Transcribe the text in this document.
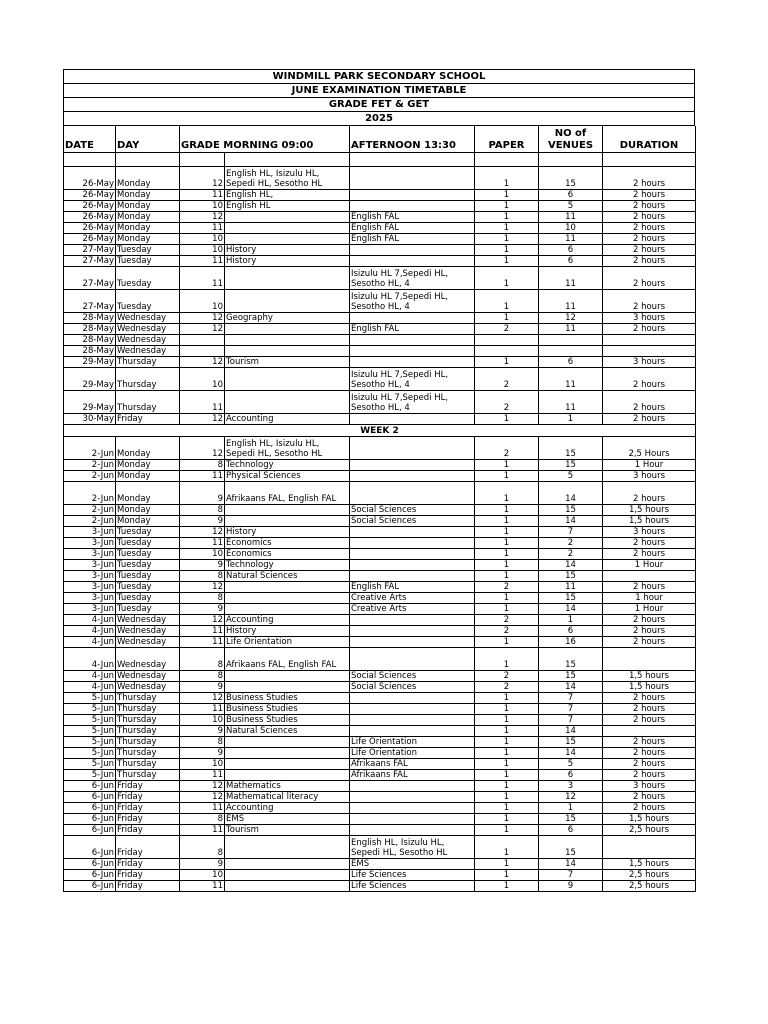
WINDMILL PARK SECONDARY SCHOOL
JUNE EXAMINATION TIMETABLE
GRADE FET & GET
2025
DATE	DAY	GRADE MORNING 09:00		AFTERNOON 13:30	PAPER	NO of VENUES	DURATION

26-May	Monday	12	English HL, Isizulu HL, Sepedi HL, Sesotho HL		1	15	2 hours
26-May	Monday	11	English HL,		1	6	2 hours
26-May	Monday	10	English HL		1	5	2 hours
26-May	Monday	12		English FAL	1	11	2 hours
26-May	Monday	11		English FAL	1	10	2 hours
26-May	Monday	10		English FAL	1	11	2 hours
27-May	Tuesday	10	History		1	6	2 hours
27-May	Tuesday	11	History		1	6	2 hours
27-May	Tuesday	11		Isizulu HL 7,Sepedi HL, Sesotho HL, 4	1	11	2 hours
27-May	Tuesday	10		Isizulu HL 7,Sepedi HL, Sesotho HL, 4	1	11	2 hours
28-May	Wednesday	12	Geography		1	12	3 hours
28-May	Wednesday	12		English FAL	2	11	2 hours
28-May	Wednesday						
28-May	Wednesday						
29-May	Thursday	12	Tourism		1	6	3 hours
29-May	Thursday	10		Isizulu HL 7,Sepedi HL, Sesotho HL, 4	2	11	2 hours
29-May	Thursday	11		Isizulu HL 7,Sepedi HL, Sesotho HL, 4	2	11	2 hours
30-May	Friday	12	Accounting		1	1	2 hours
WEEK 2							
2-Jun	Monday	12	English HL, Isizulu HL, Sepedi HL, Sesotho HL		2	15	2,5 Hours
2-Jun	Monday	8	Technology		1	15	1 Hour
2-Jun	Monday	11	Physical Sciences		1	5	3 hours
2-Jun	Monday	9	Afrikaans FAL, English FAL		1	14	2 hours
2-Jun	Monday	8		Social Sciences	1	15	1,5 hours
2-Jun	Monday	9		Social Sciences	1	14	1,5 hours
3-Jun	Tuesday	12	History		1	7	3 hours
3-Jun	Tuesday	11	Economics		1	2	2 hours
3-Jun	Tuesday	10	Economics		1	2	2 hours
3-Jun	Tuesday	9	Technology		1	14	1 Hour
3-Jun	Tuesday	8	Natural Sciences		1	15	
3-Jun	Tuesday	12		English FAL	2	11	2 hours
3-Jun	Tuesday	8		Creative Arts	1	15	1 hour
3-Jun	Tuesday	9		Creative Arts	1	14	1 Hour
4-Jun	Wednesday	12	Accounting		2	1	2 hours
4-Jun	Wednesday	11	History		2	6	2 hours
4-Jun	Wednesday	11	Life Orientation		1	16	2 hours
4-Jun	Wednesday	8	Afrikaans FAL, English FAL		1	15	
4-Jun	Wednesday	8		Social Sciences	2	15	1,5 hours
4-Jun	Wednesday	9		Social Sciences	2	14	1,5 hours
5-Jun	Thursday	12	Business Studies		1	7	2 hours
5-Jun	Thursday	11	Business Studies		1	7	2 hours
5-Jun	Thursday	10	Business Studies		1	7	2 hours
5-Jun	Thursday	9	Natural Sciences		1	14	
5-Jun	Thursday	8		Life Orientation	1	15	2 hours
5-Jun	Thursday	9		Life Orientation	1	14	2 hours
5-Jun	Thursday	10		Afrikaans FAL	1	5	2 hours
5-Jun	Thursday	11		Afrikaans FAL	1	6	2 hours
6-Jun	Friday	12	Mathematics		1	3	3 hours
6-Jun	Friday	12	Mathematical literacy		1	12	2 hours
6-Jun	Friday	11	Accounting		1	1	2 hours
6-Jun	Friday	8	EMS		1	15	1,5 hours
6-Jun	Friday	11	Tourism		1	6	2,5 hours
6-Jun	Friday	8		English HL, Isizulu HL, Sepedi HL, Sesotho HL	1	15	
6-Jun	Friday	9		EMS	1	14	1,5 hours
6-Jun	Friday	10		Life Sciences	1	7	2,5 hours
6-Jun	Friday	11		Life Sciences	1	9	2,5 hours
